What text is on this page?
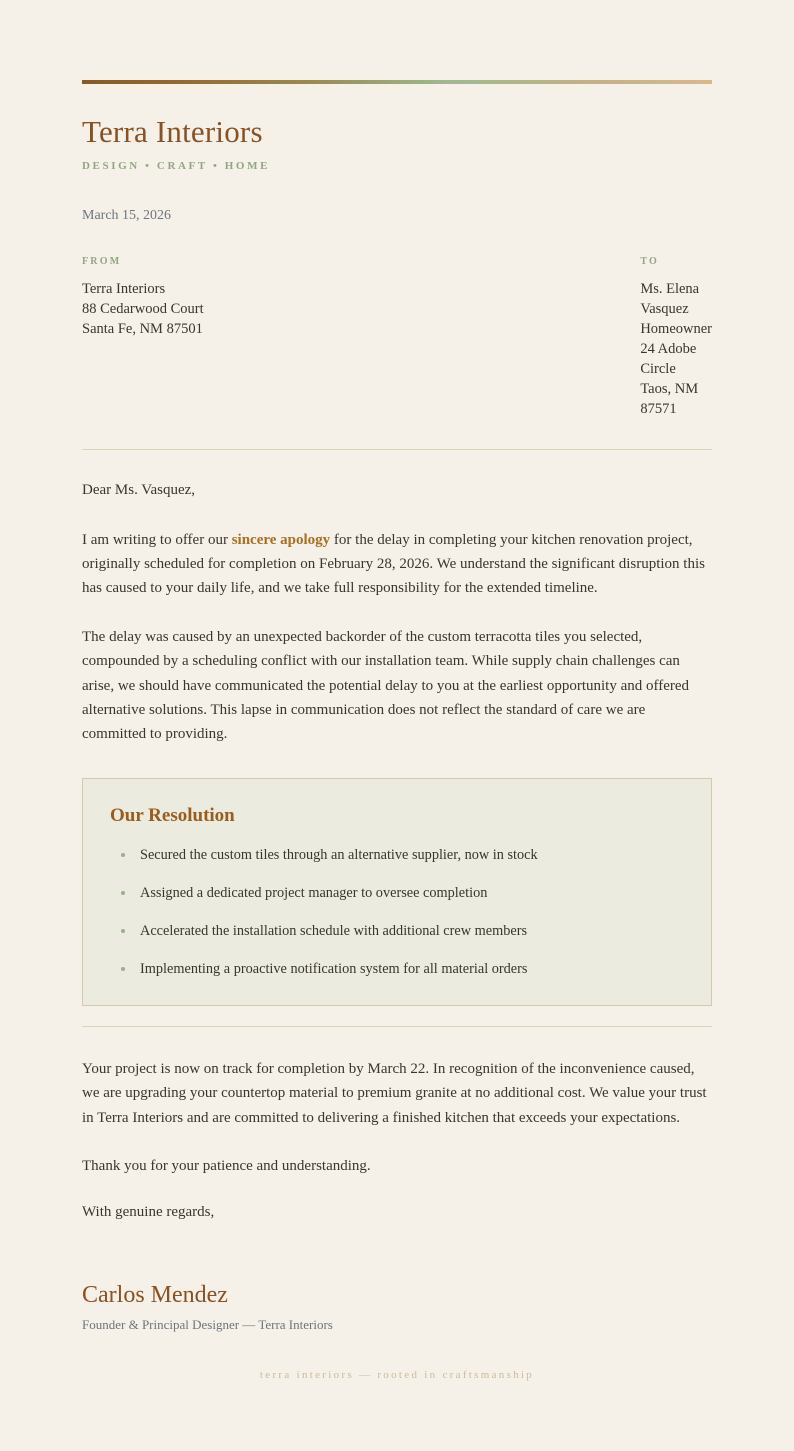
Terra Interiors
DESIGN • CRAFT • HOME
March 15, 2026
FROM
Terra Interiors
88 Cedarwood Court
Santa Fe, NM 87501
TO
Ms. Elena Vasquez
Homeowner
24 Adobe Circle
Taos, NM 87571

Dear Ms. Vasquez,

I am writing to offer our sincere apology for the delay in completing your kitchen renovation project, originally scheduled for completion on February 28, 2026. We understand the significant disruption this has caused to your daily life, and we take full responsibility for the extended timeline.

The delay was caused by an unexpected backorder of the custom terracotta tiles you selected, compounded by a scheduling conflict with our installation team. While supply chain challenges can arise, we should have communicated the potential delay to you at the earliest opportunity and offered alternative solutions. This lapse in communication does not reflect the standard of care we are committed to providing.

Our Resolution
Secured the custom tiles through an alternative supplier, now in stock
Assigned a dedicated project manager to oversee completion
Accelerated the installation schedule with additional crew members
Implementing a proactive notification system for all material orders

Your project is now on track for completion by March 22. In recognition of the inconvenience caused, we are upgrading your countertop material to premium granite at no additional cost. We value your trust in Terra Interiors and are committed to delivering a finished kitchen that exceeds your expectations.

Thank you for your patience and understanding.

With genuine regards,

Carlos Mendez
Founder & Principal Designer — Terra Interiors
terra interiors — rooted in craftsmanship
